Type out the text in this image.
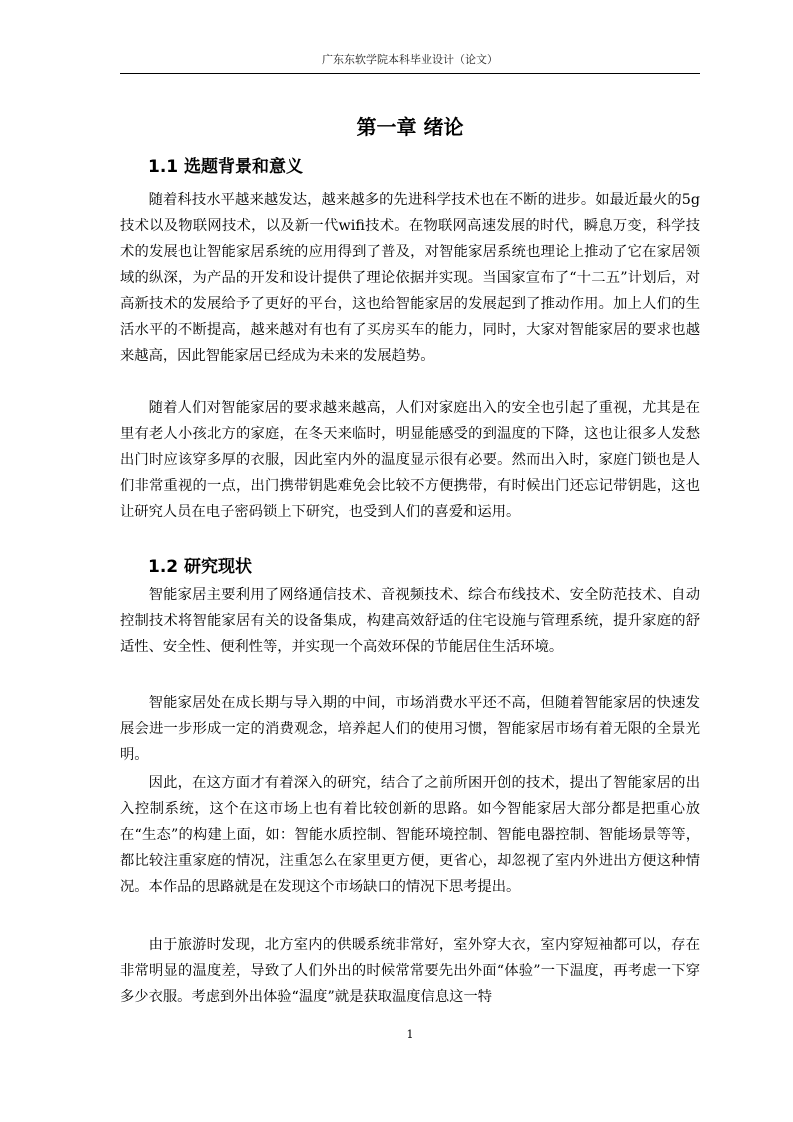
广东东软学院本科毕业设计（论文）
第一章 绪论
1.1 选题背景和意义

随着科技水平越来越发达，越来越多的先进科学技术也在不断的进步。如最近最火的5g技术以及物联网技术，以及新一代wifi技术。在物联网高速发展的时代，瞬息万变，科学技术的发展也让智能家居系统的应用得到了普及，对智能家居系统也理论上推动了它在家居领域的纵深，为产品的开发和设计提供了理论依据并实现。当国家宣布了“十二五”计划后，对高新技术的发展给予了更好的平台，这也给智能家居的发展起到了推动作用。加上人们的生活水平的不断提高，越来越对有也有了买房买车的能力，同时，大家对智能家居的要求也越来越高，因此智能家居已经成为未来的发展趋势。

随着人们对智能家居的要求越来越高，人们对家庭出入的安全也引起了重视，尤其是在里有老人小孩北方的家庭，在冬天来临时，明显能感受的到温度的下降，这也让很多人发愁出门时应该穿多厚的衣服，因此室内外的温度显示很有必要。然而出入时，家庭门锁也是人们非常重视的一点，出门携带钥匙难免会比较不方便携带，有时候出门还忘记带钥匙，这也让研究人员在电子密码锁上下研究，也受到人们的喜爱和运用。

1.2 研究现状

智能家居主要利用了网络通信技术、音视频技术、综合布线技术、安全防范技术、自动控制技术将智能家居有关的设备集成，构建高效舒适的住宅设施与管理系统，提升家庭的舒适性、安全性、便利性等，并实现一个高效环保的节能居住生活环境。

智能家居处在成长期与导入期的中间，市场消费水平还不高，但随着智能家居的快速发展会进一步形成一定的消费观念，培养起人们的使用习惯，智能家居市场有着无限的全景光明。

因此，在这方面才有着深入的研究，结合了之前所困开创的技术，提出了智能家居的出入控制系统，这个在这市场上也有着比较创新的思路。如今智能家居大部分都是把重心放在“生态”的构建上面，如：智能水质控制、智能环境控制、智能电器控制、智能场景等等，都比较注重家庭的情况，注重怎么在家里更方便，更省心，却忽视了室内外进出方便这种情况。本作品的思路就是在发现这个市场缺口的情况下思考提出。

由于旅游时发现，北方室内的供暖系统非常好，室外穿大衣，室内穿短袖都可以，存在非常明显的温度差，导致了人们外出的时候常常要先出外面“体验”一下温度，再考虑一下穿多少衣服。考虑到外出体验“温度”就是获取温度信息这一特

1
